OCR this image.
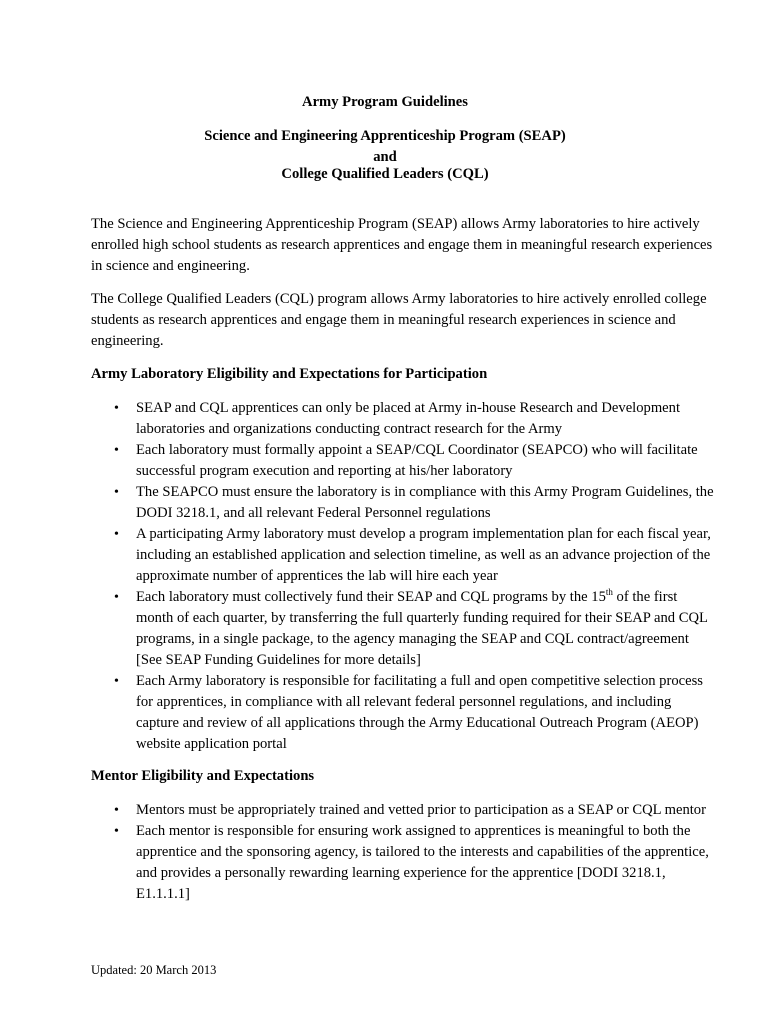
Army Program Guidelines
Science and Engineering Apprenticeship Program (SEAP)
and
College Qualified Leaders (CQL)
The Science and Engineering Apprenticeship Program (SEAP) allows Army laboratories to hire actively enrolled high school students as research apprentices and engage them in meaningful research experiences in science and engineering.
The College Qualified Leaders (CQL) program allows Army laboratories to hire actively enrolled college students as research apprentices and engage them in meaningful research experiences in science and engineering.
Army Laboratory Eligibility and Expectations for Participation
• SEAP and CQL apprentices can only be placed at Army in-house Research and Development laboratories and organizations conducting contract research for the Army
• Each laboratory must formally appoint a SEAP/CQL Coordinator (SEAPCO) who will facilitate successful program execution and reporting at his/her laboratory
• The SEAPCO must ensure the laboratory is in compliance with this Army Program Guidelines, the DODI 3218.1, and all relevant Federal Personnel regulations
• A participating Army laboratory must develop a program implementation plan for each fiscal year, including an established application and selection timeline, as well as an advance projection of the approximate number of apprentices the lab will hire each year
• Each laboratory must collectively fund their SEAP and CQL programs by the 15th of the first month of each quarter, by transferring the full quarterly funding required for their SEAP and CQL programs, in a single package, to the agency managing the SEAP and CQL contract/agreement [See SEAP Funding Guidelines for more details]
• Each Army laboratory is responsible for facilitating a full and open competitive selection process for apprentices, in compliance with all relevant federal personnel regulations, and including capture and review of all applications through the Army Educational Outreach Program (AEOP) website application portal
Mentor Eligibility and Expectations
• Mentors must be appropriately trained and vetted prior to participation as a SEAP or CQL mentor
• Each mentor is responsible for ensuring work assigned to apprentices is meaningful to both the apprentice and the sponsoring agency, is tailored to the interests and capabilities of the apprentice, and provides a personally rewarding learning experience for the apprentice [DODI 3218.1, E1.1.1.1]
Updated: 20 March 2013
